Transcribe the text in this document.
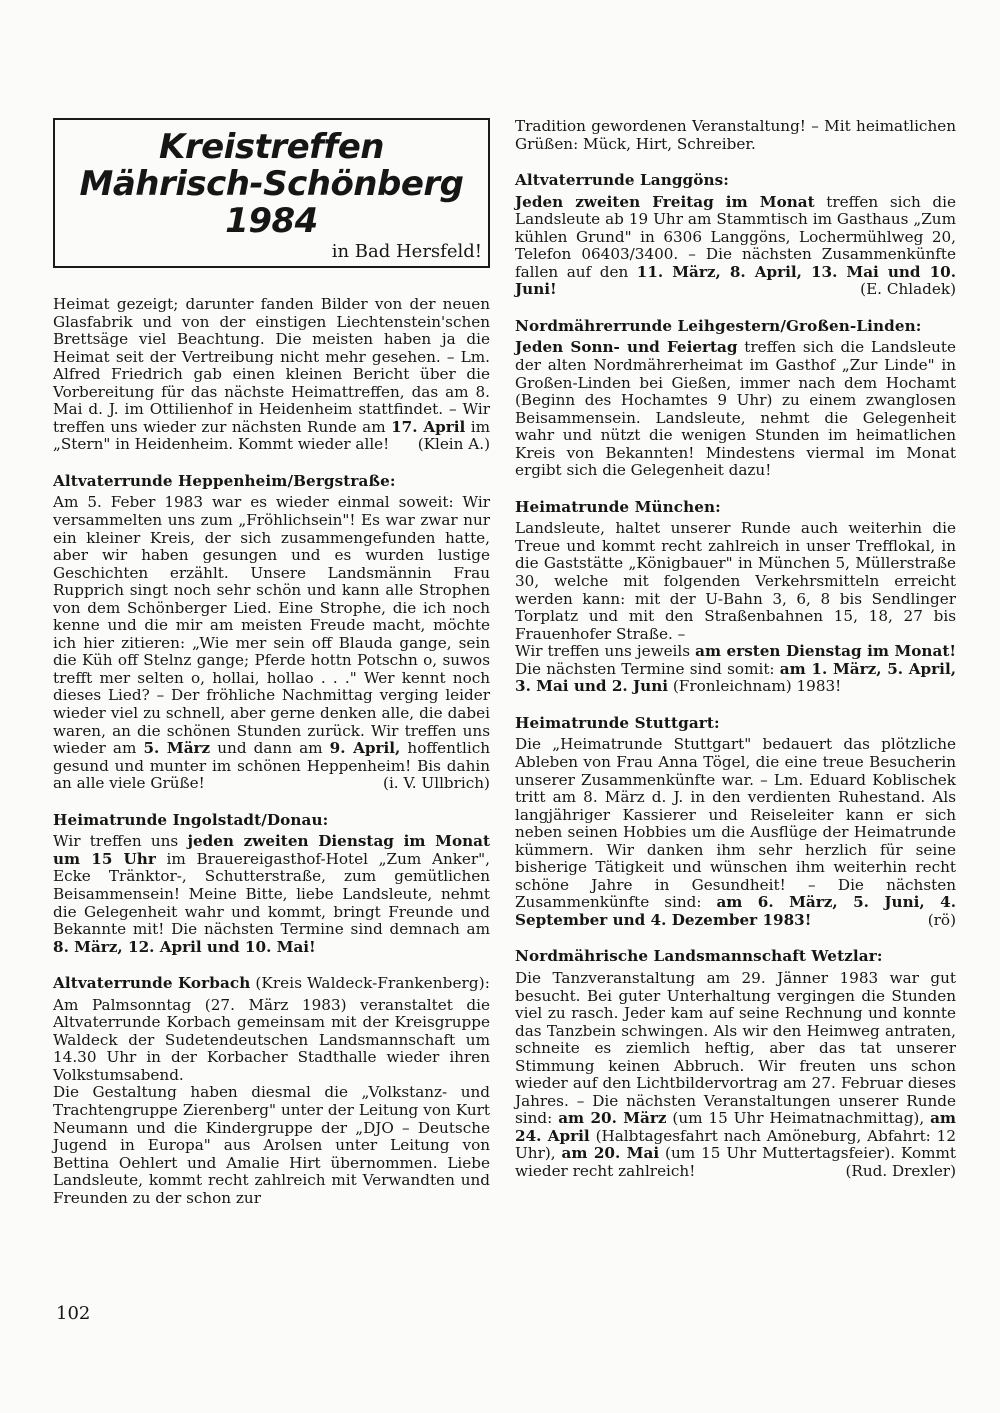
Kreistreffen
Mährisch-Schönberg
1984
in Bad Hersfeld!

Heimat gezeigt; darunter fanden Bilder von der neuen Glasfabrik und von der einstigen Liechtenstein'schen Brettsäge viel Beachtung. Die meisten haben ja die Heimat seit der Vertreibung nicht mehr gesehen. – Lm. Alfred Friedrich gab einen kleinen Bericht über die Vorbereitung für das nächste Heimattreffen, das am 8. Mai d. J. im Ottilienhof in Heidenheim stattfindet. – Wir treffen uns wieder zur nächsten Runde am 17. April im „Stern" in Heidenheim. Kommt wieder alle! (Klein A.)

Altvaterrunde Heppenheim/Bergstraße:

Am 5. Feber 1983 war es wieder einmal soweit: Wir versammelten uns zum „Fröhlichsein"! Es war zwar nur ein kleiner Kreis, der sich zusammengefunden hatte, aber wir haben gesungen und es wurden lustige Geschichten erzählt. Unsere Landsmännin Frau Rupprich singt noch sehr schön und kann alle Strophen von dem Schönberger Lied. Eine Strophe, die ich noch kenne und die mir am meisten Freude macht, möchte ich hier zitieren: „Wie mer sein off Blauda gange, sein die Küh off Stelnz gange; Pferde hottn Potschn o, suwos trefft mer selten o, hollai, hollao . . ." Wer kennt noch dieses Lied? – Der fröhliche Nachmittag verging leider wieder viel zu schnell, aber gerne denken alle, die dabei waren, an die schönen Stunden zurück. Wir treffen uns wieder am 5. März und dann am 9. April, hoffentlich gesund und munter im schönen Heppenheim! Bis dahin an alle viele Grüße!	(i. V. Ullbrich)

Heimatrunde Ingolstadt/Donau:

Wir treffen uns jeden zweiten Dienstag im Monat um 15 Uhr im Brauereigasthof-Hotel „Zum Anker", Ecke Tränktor-, Schutterstraße, zum gemütlichen Beisammensein! Meine Bitte, liebe Landsleute, nehmt die Gelegenheit wahr und kommt, bringt Freunde und Bekannte mit! Die nächsten Termine sind demnach am 8. März, 12. April und 10. Mai!

Altvaterrunde Korbach (Kreis Waldeck-Frankenberg):

Am Palmsonntag (27. März 1983) veranstaltet die Altvaterrunde Korbach gemeinsam mit der Kreisgruppe Waldeck der Sudetendeutschen Landsmannschaft um 14.30 Uhr in der Korbacher Stadthalle wieder ihren Volkstumsabend.

Die Gestaltung haben diesmal die „Volkstanz- und Trachtengruppe Zierenberg" unter der Leitung von Kurt Neumann und die Kindergruppe der „DJO – Deutsche Jugend in Europa" aus Arolsen unter Leitung von Bettina Oehlert und Amalie Hirt übernommen. Liebe Landsleute, kommt recht zahlreich mit Verwandten und Freunden zu der schon zur

Tradition gewordenen Veranstaltung! – Mit heimatlichen Grüßen: Mück, Hirt, Schreiber.

Altvaterrunde Langgöns:

Jeden zweiten Freitag im Monat treffen sich die Landsleute ab 19 Uhr am Stammtisch im Gasthaus „Zum kühlen Grund" in 6306 Langgöns, Lochermühlweg 20, Telefon 06403/3400. – Die nächsten Zusammenkünfte fallen auf den 11. März, 8. April, 13. Mai und 10. Juni!	(E. Chladek)

Nordmährerrunde Leihgestern/Großen-Linden:

Jeden Sonn- und Feiertag treffen sich die Landsleute der alten Nordmährerheimat im Gasthof „Zur Linde" in Großen-Linden bei Gießen, immer nach dem Hochamt (Beginn des Hochamtes 9 Uhr) zu einem zwanglosen Beisammensein. Landsleute, nehmt die Gelegenheit wahr und nützt die wenigen Stunden im heimatlichen Kreis von Bekannten! Mindestens viermal im Monat ergibt sich die Gelegenheit dazu!

Heimatrunde München:

Landsleute, haltet unserer Runde auch weiterhin die Treue und kommt recht zahlreich in unser Trefflokal, in die Gaststätte „Königbauer" in München 5, Müllerstraße 30, welche mit folgenden Verkehrsmitteln erreicht werden kann: mit der U-Bahn 3, 6, 8 bis Sendlinger Torplatz und mit den Straßenbahnen 15, 18, 27 bis Frauenhofer Straße. –

Wir treffen uns jeweils am ersten Dienstag im Monat! Die nächsten Termine sind somit: am 1. März, 5. April, 3. Mai und 2. Juni (Fronleichnam) 1983!

Heimatrunde Stuttgart:

Die „Heimatrunde Stuttgart" bedauert das plötzliche Ableben von Frau Anna Tögel, die eine treue Besucherin unserer Zusammenkünfte war. – Lm. Eduard Koblischek tritt am 8. März d. J. in den verdienten Ruhestand. Als langjähriger Kassierer und Reiseleiter kann er sich neben seinen Hobbies um die Ausflüge der Heimatrunde kümmern. Wir danken ihm sehr herzlich für seine bisherige Tätigkeit und wünschen ihm weiterhin recht schöne Jahre in Gesundheit! – Die nächsten Zusammenkünfte sind: am 6. März, 5. Juni, 4. September und 4. Dezember 1983!	(rö)

Nordmährische Landsmannschaft Wetzlar:

Die Tanzveranstaltung am 29. Jänner 1983 war gut besucht. Bei guter Unterhaltung vergingen die Stunden viel zu rasch. Jeder kam auf seine Rechnung und konnte das Tanzbein schwingen. Als wir den Heimweg antraten, schneite es ziemlich heftig, aber das tat unserer Stimmung keinen Abbruch. Wir freuten uns schon wieder auf den Lichtbildervortrag am 27. Februar dieses Jahres. – Die nächsten Veranstaltungen unserer Runde sind: am 20. März (um 15 Uhr Heimatnachmittag), am 24. April (Halbtagesfahrt nach Amöneburg, Abfahrt: 12 Uhr), am 20. Mai (um 15 Uhr Muttertagsfeier). Kommt wieder recht zahlreich!	(Rud. Drexler)

102
